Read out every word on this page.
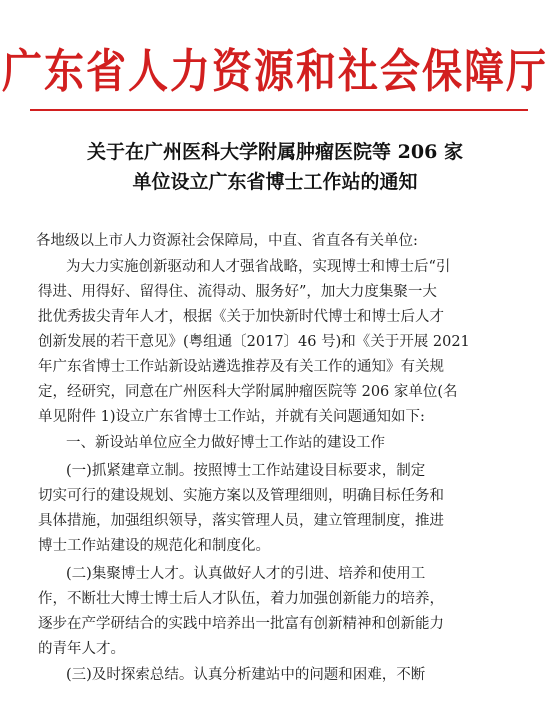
广东省人力资源和社会保障厅
关于在广州医科大学附属肿瘤医院等 206 家
单位设立广东省博士工作站的通知
各地级以上市人力资源社会保障局，中直、省直各有关单位:
为大力实施创新驱动和人才强省战略，实现博士和博士后“引
得进、用得好、留得住、流得动、服务好”，加大力度集聚一大
批优秀拔尖青年人才，根据《关于加快新时代博士和博士后人才
创新发展的若干意见》(粤组通〔2017〕46 号)和《关于开展 2021
年广东省博士工作站新设站遴选推荐及有关工作的通知》有关规
定，经研究，同意在广州医科大学附属肿瘤医院等 206 家单位(名
单见附件 1)设立广东省博士工作站，并就有关问题通知如下:
一、新设站单位应全力做好博士工作站的建设工作
(一)抓紧建章立制。按照博士工作站建设目标要求，制定
切实可行的建设规划、实施方案以及管理细则，明确目标任务和
具体措施，加强组织领导，落实管理人员，建立管理制度，推进
博士工作站建设的规范化和制度化。
(二)集聚博士人才。认真做好人才的引进、培养和使用工
作，不断壮大博士博士后人才队伍，着力加强创新能力的培养，
逐步在产学研结合的实践中培养出一批富有创新精神和创新能力
的青年人才。
(三)及时探索总结。认真分析建站中的问题和困难，不断
